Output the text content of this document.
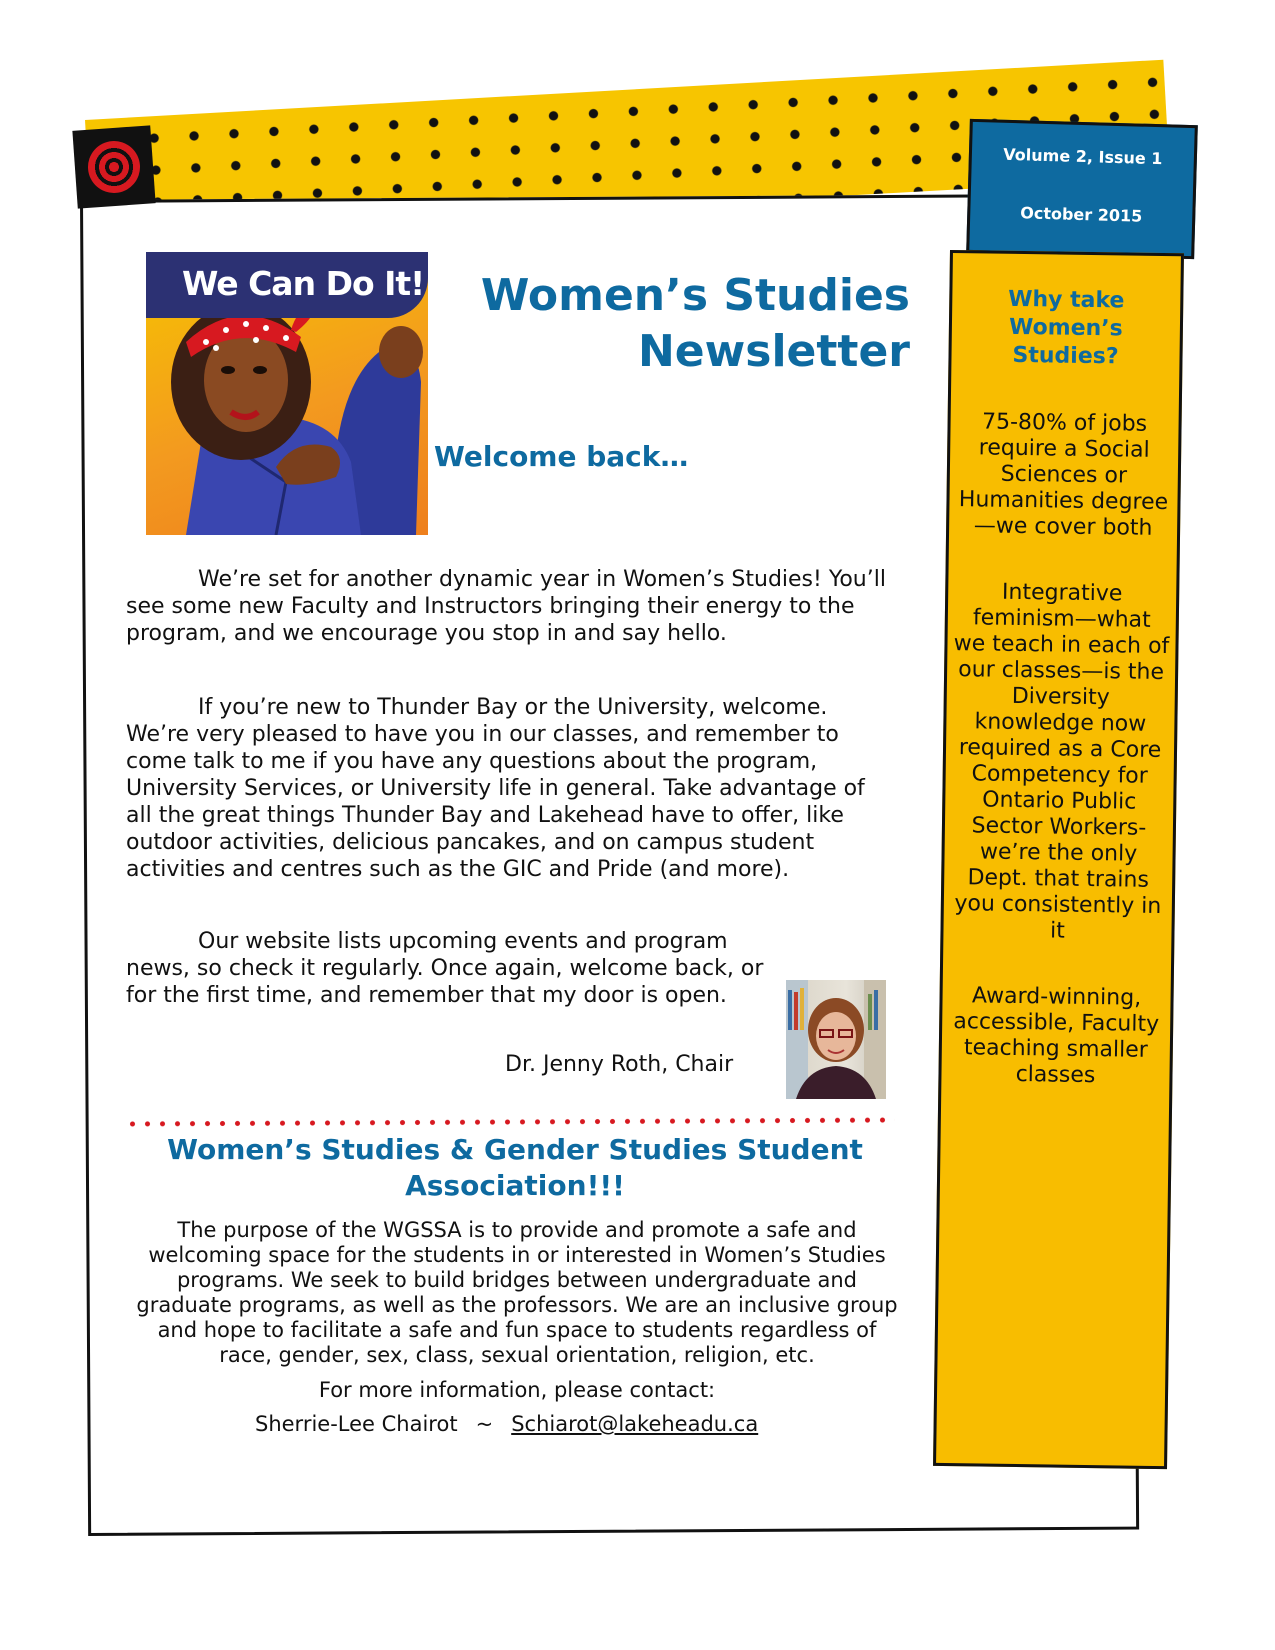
Volume 2, Issue 1
October 2015
We Can Do It!	Women’s Studies
Newsletter
Welcome back…

We’re set for another dynamic year in Women’s Studies! You’ll see some new Faculty and Instructors bringing their energy to the program, and we encourage you stop in and say hello.

If you’re new to Thunder Bay or the University, welcome. We’re very pleased to have you in our classes, and remember to come talk to me if you have any questions about the program, University Services, or University life in general. Take advantage of all the great things Thunder Bay and Lakehead have to offer, like outdoor activities, delicious pancakes, and on campus student activities and centres such as the GIC and Pride (and more).

Our website lists upcoming events and program news, so check it regularly. Once again, welcome back, or for the first time, and remember that my door is open.

Dr. Jenny Roth, Chair
Women’s Studies & Gender Studies Student
Association!!!
The purpose of the WGSSA is to provide and promote a safe and welcoming space for the students in or interested in Women’s Studies programs. We seek to build bridges between undergraduate and graduate programs, as well as the professors. We are an inclusive group and hope to facilitate a safe and fun space to students regardless of race, gender, sex, class, sexual orientation, religion, etc.
For more information, please contact:
Sherrie-Lee Chairot ~ Schiarot@lakeheadu.ca
Why take
Women’s
Studies?
75-80% of jobs require a Social Sciences or Humanities degree—we cover both
Integrative feminism—what we teach in each of our classes—is the Diversity knowledge now required as a Core Competency for Ontario Public Sector Workers-we’re the only Dept. that trains you consistently in it
Award-winning, accessible, Faculty teaching smaller classes
